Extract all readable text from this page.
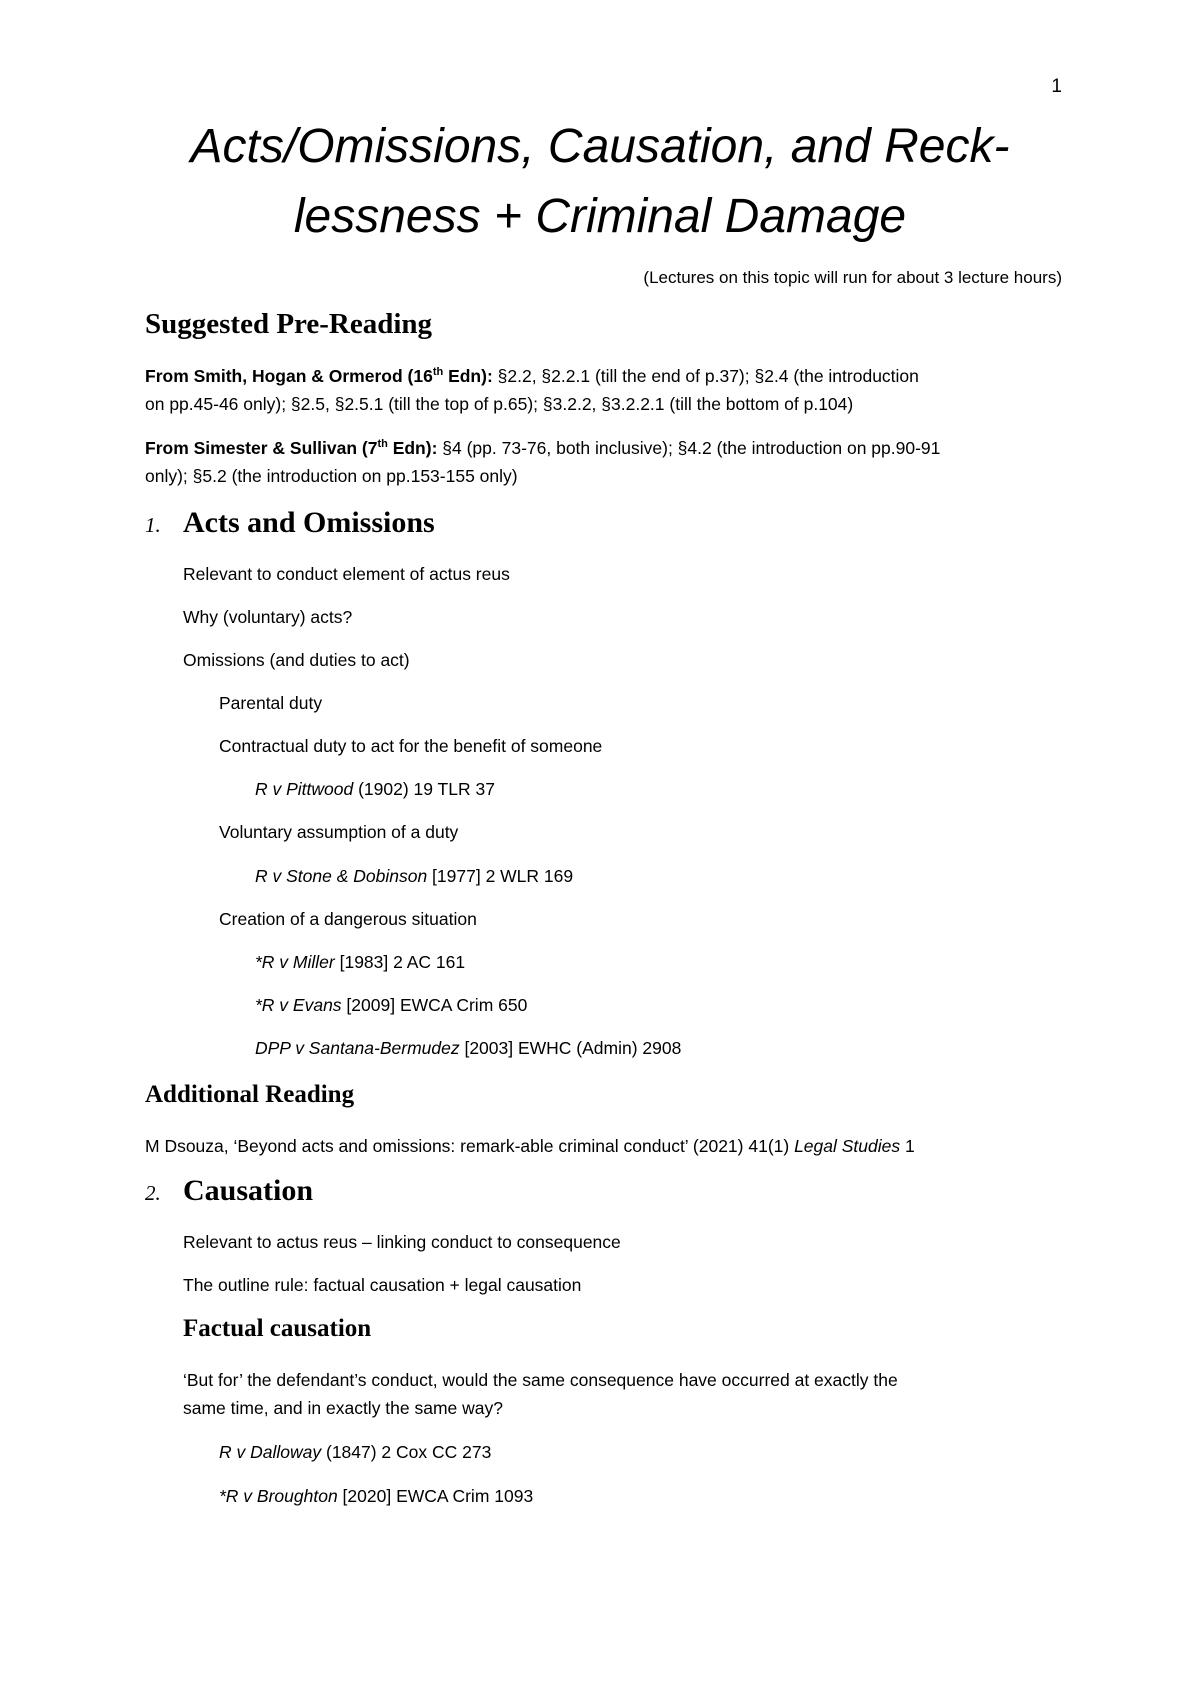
1
Acts/Omissions, Causation, and Reck-
lessness + Criminal Damage
(Lectures on this topic will run for about 3 lecture hours)
Suggested Pre-Reading

From Smith, Hogan & Ormerod (16th Edn): §2.2, §2.2.1 (till the end of p.37); §2.4 (the introduction

on pp.45-46 only); §2.5, §2.5.1 (till the top of p.65); §3.2.2, §3.2.2.1 (till the bottom of p.104)

From Simester & Sullivan (7th Edn): §4 (pp. 73-76, both inclusive); §4.2 (the introduction on pp.90-91

only); §5.2 (the introduction on pp.153-155 only)

1. Acts and Omissions

Relevant to conduct element of actus reus

Why (voluntary) acts?

Omissions (and duties to act)

Parental duty

Contractual duty to act for the benefit of someone

R v Pittwood (1902) 19 TLR 37

Voluntary assumption of a duty

R v Stone & Dobinson [1977] 2 WLR 169

Creation of a dangerous situation

*R v Miller [1983] 2 AC 161

*R v Evans [2009] EWCA Crim 650

DPP v Santana-Bermudez [2003] EWHC (Admin) 2908

Additional Reading

M Dsouza, ‘Beyond acts and omissions: remark-able criminal conduct’ (2021) 41(1) Legal Studies 1

2. Causation

Relevant to actus reus – linking conduct to consequence

The outline rule: factual causation + legal causation

Factual causation

‘But for’ the defendant’s conduct, would the same consequence have occurred at exactly the

same time, and in exactly the same way?

R v Dalloway (1847) 2 Cox CC 273

*R v Broughton [2020] EWCA Crim 1093
